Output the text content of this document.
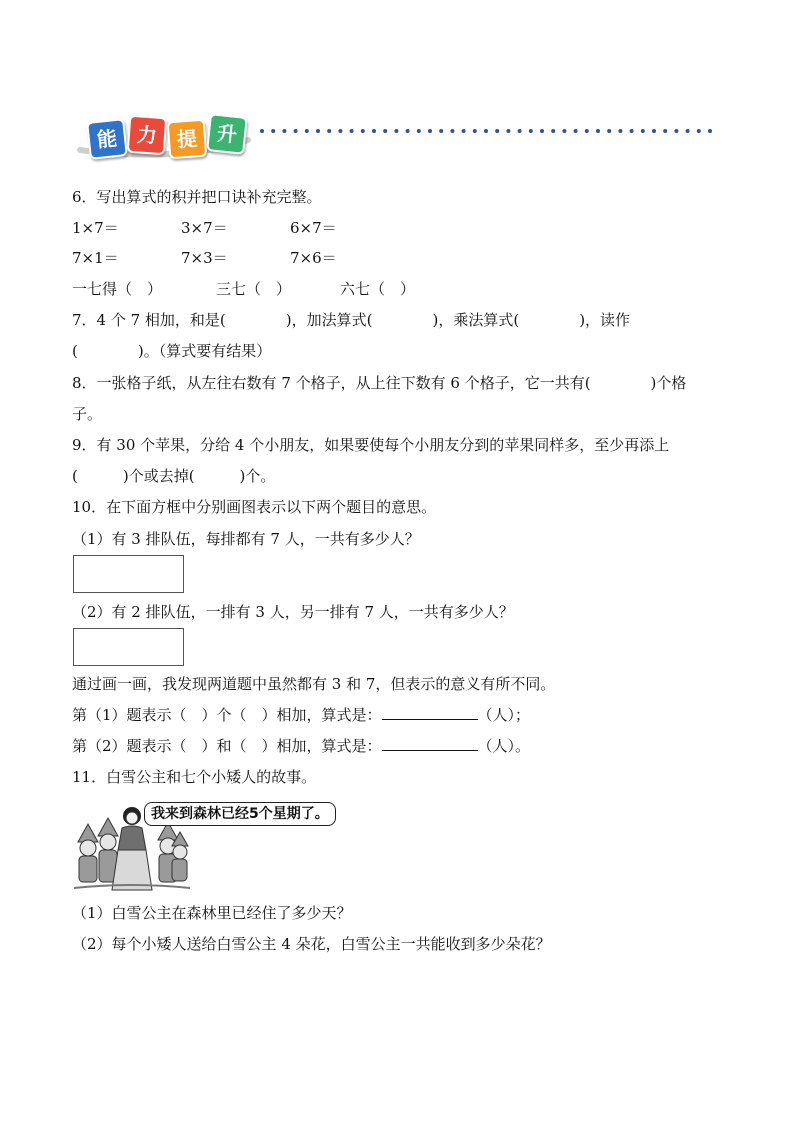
能 力 提 升
6．写出算式的积并把口诀补充完整。
1×7＝	3×7＝	6×7＝
7×1＝	7×3＝	7×6＝
一七得（　）	三七（　）	六七（　）
7．4 个 7 相加，和是(　　　　)，加法算式(　　　　)，乘法算式(　　　　)，读作
(　　　　)。（算式要有结果）
8．一张格子纸，从左往右数有 7 个格子，从上往下数有 6 个格子，它一共有(　　　　)个格
子。
9．有 30 个苹果，分给 4 个小朋友，如果要使每个小朋友分到的苹果同样多，至少再添上
(　　　)个或去掉(　　　)个。
10．在下面方框中分别画图表示以下两个题目的意思。
（1）有 3 排队伍，每排都有 7 人，一共有多少人？
（2）有 2 排队伍，一排有 3 人，另一排有 7 人，一共有多少人？
通过画一画，我发现两道题中虽然都有 3 和 7，但表示的意义有所不同。
第（1）题表示（　）个（　）相加，算式是：	（人）；
第（2）题表示（　）和（　）相加，算式是：	（人）。
11．白雪公主和七个小矮人的故事。
我来到森林已经5个星期了。
（1）白雪公主在森林里已经住了多少天？
（2）每个小矮人送给白雪公主 4 朵花，白雪公主一共能收到多少朵花？
